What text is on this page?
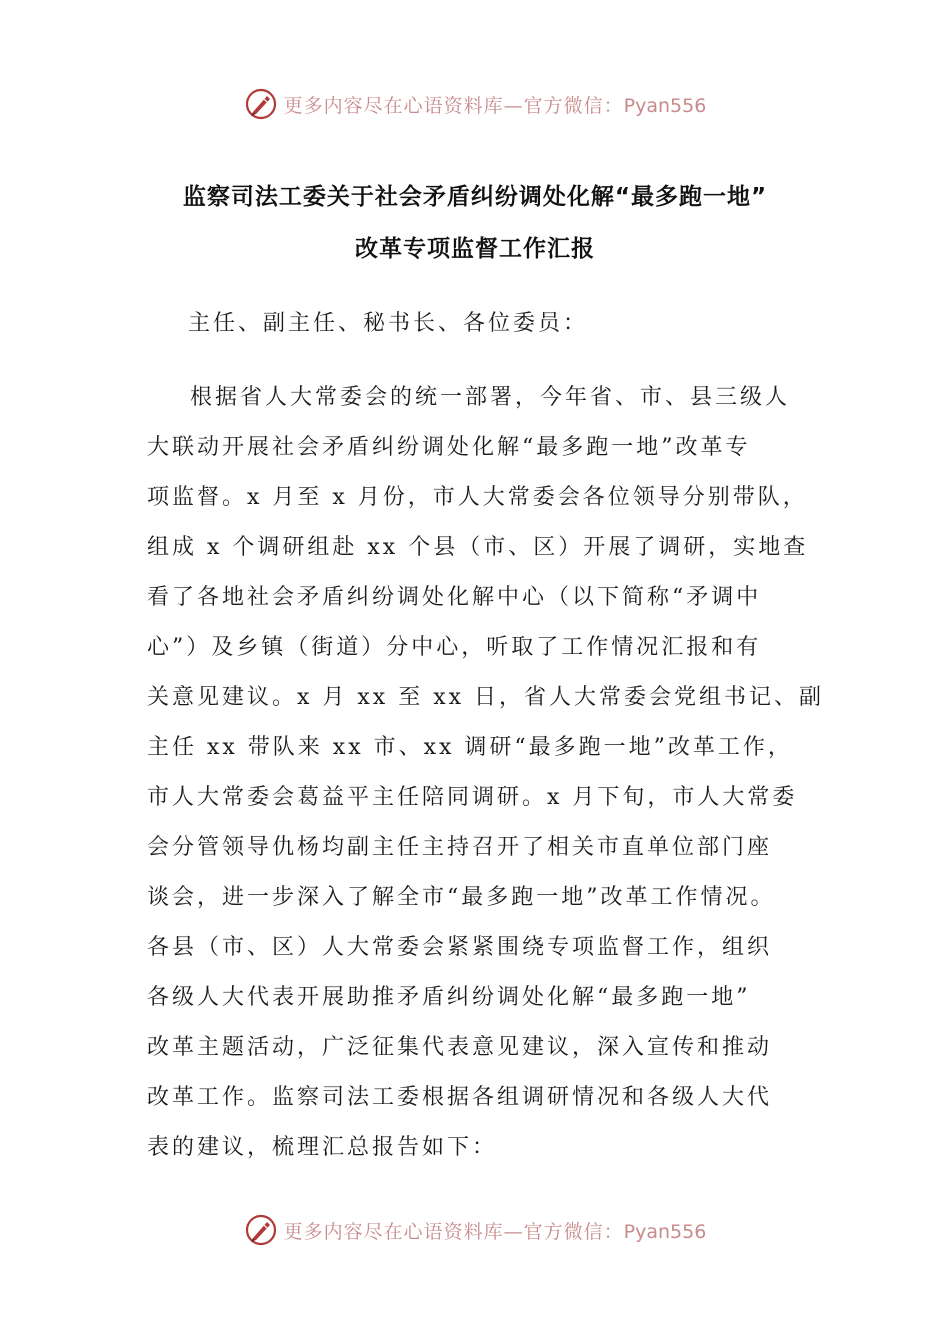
更多内容尽在心语资料库—官方微信：Pyan556
监察司法工委关于社会矛盾纠纷调处化解“最多跑一地”
改革专项监督工作汇报
主任、副主任、秘书长、各位委员：
根据省人大常委会的统一部署，今年省、市、县三级人
大联动开展社会矛盾纠纷调处化解“最多跑一地”改革专
项监督。x 月至 x 月份，市人大常委会各位领导分别带队，
组成 x 个调研组赴 xx 个县（市、区）开展了调研，实地查
看了各地社会矛盾纠纷调处化解中心（以下简称“矛调中
心”）及乡镇（街道）分中心，听取了工作情况汇报和有
关意见建议。x 月 xx 至 xx 日，省人大常委会党组书记、副
主任 xx 带队来 xx 市、xx 调研“最多跑一地”改革工作，
市人大常委会葛益平主任陪同调研。x 月下旬，市人大常委
会分管领导仇杨均副主任主持召开了相关市直单位部门座
谈会，进一步深入了解全市“最多跑一地”改革工作情况。
各县（市、区）人大常委会紧紧围绕专项监督工作，组织
各级人大代表开展助推矛盾纠纷调处化解“最多跑一地”
改革主题活动，广泛征集代表意见建议，深入宣传和推动
改革工作。监察司法工委根据各组调研情况和各级人大代
表的建议，梳理汇总报告如下：
更多内容尽在心语资料库—官方微信：Pyan556
